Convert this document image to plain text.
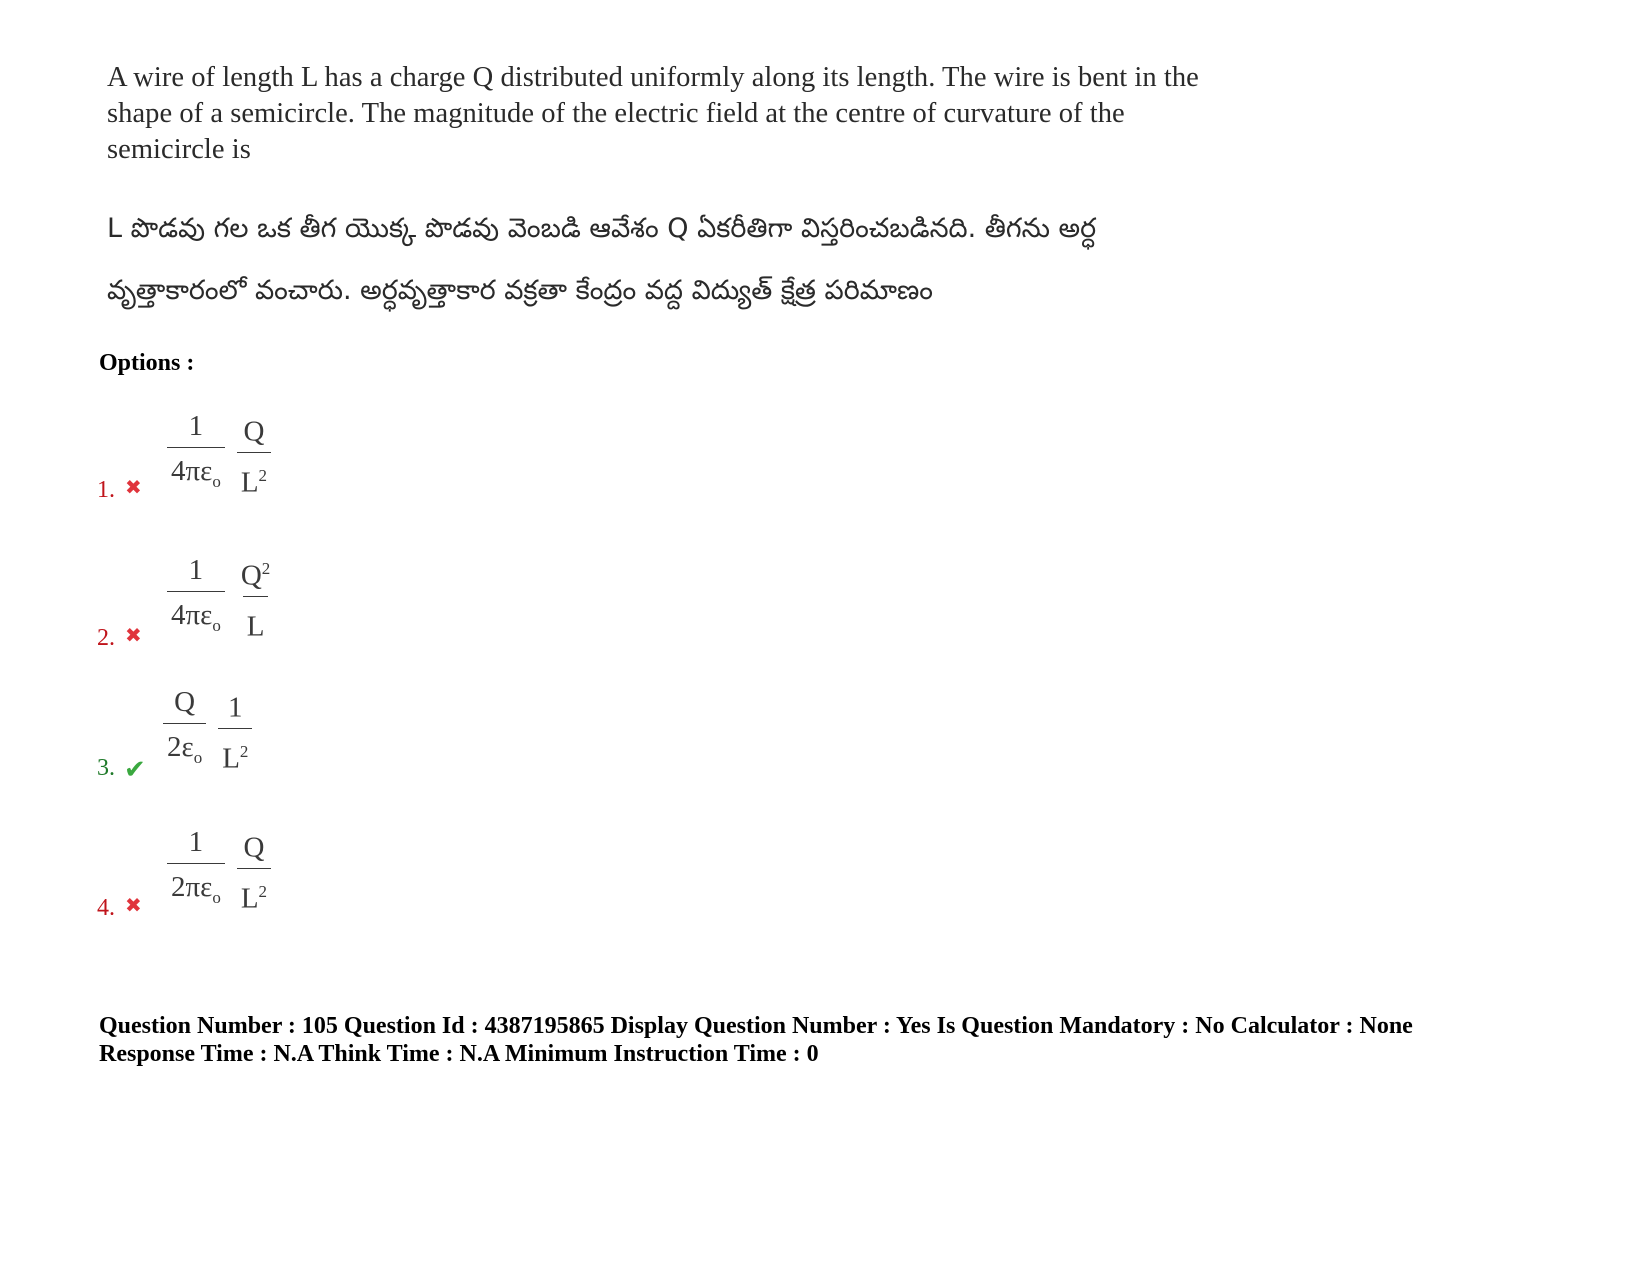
A wire of length L has a charge Q distributed uniformly along its length. The wire is bent in the shape of a semicircle. The magnitude of the electric field at the centre of curvature of the semicircle is

L పొడవు గల ఒక తీగ యొక్క పొడవు వెంబడి ఆవేశం Q ఏకరీతిగా విస్తరించబడినది. తీగను అర్ధ వృత్తాకారంలో వంచారు. అర్ధవృత్తాకార వక్రతా కేంద్రం వద్ద విద్యుత్ క్షేత్ర పరిమాణం

Options :
1. ✖ $\frac{1}{4\pi\varepsilon_o} \frac{Q}{L^2}$
2. ✖ $\frac{1}{4\pi\varepsilon_o} \frac{Q^2}{L}$
3. ✔ $\frac{Q}{2\varepsilon_o} \frac{1}{L^2}$
4. ✖ $\frac{1}{2\pi\varepsilon_o} \frac{Q}{L^2}$
Question Number : 105 Question Id : 4387195865 Display Question Number : Yes Is Question Mandatory : No Calculator : None
Response Time : N.A Think Time : N.A Minimum Instruction Time : 0
